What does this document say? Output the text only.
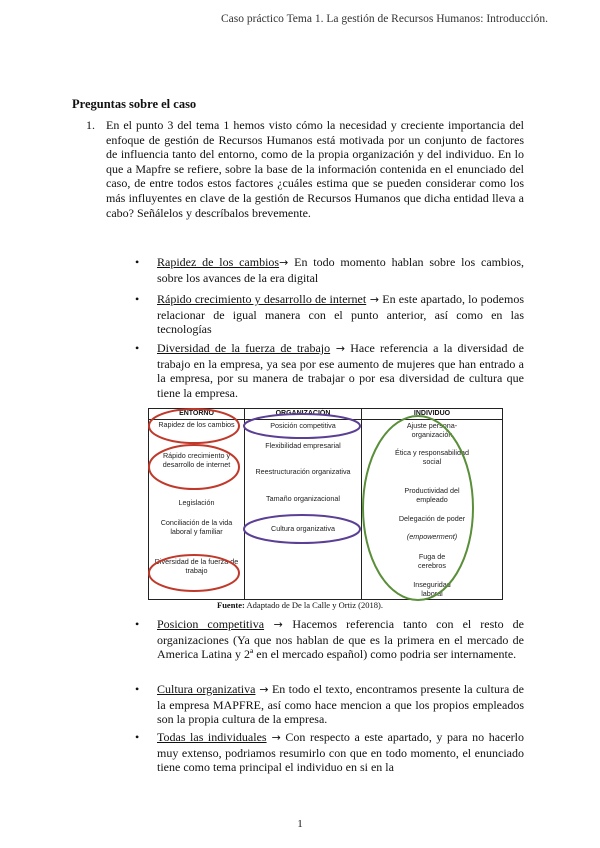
Caso práctico Tema 1. La gestión de Recursos Humanos: Introducción.
Preguntas sobre el caso
1. En el punto 3 del tema 1 hemos visto cómo la necesidad y creciente importancia del enfoque de gestión de Recursos Humanos está motivada por un conjunto de factores de influencia tanto del entorno, como de la propia organización y del individuo. En lo que a Mapfre se refiere, sobre la base de la información contenida en el enunciado del caso, de entre todos estos factores ¿cuáles estima que se pueden considerar como los más influyentes en clave de la gestión de Recursos Humanos que dicha entidad lleva a cabo? Señálelos y descríbalos brevemente.
• Rapidez de los cambios→ En todo momento hablan sobre los cambios, sobre los avances de la era digital
• Rápido crecimiento y desarrollo de internet → En este apartado, lo podemos relacionar de igual manera con el punto anterior, así como en las tecnologías
• Diversidad de la fuerza de trabajo → Hace referencia a la diversidad de trabajo en la empresa, ya sea por ese aumento de mujeres que han entrado a la empresa, por su manera de trabajar o por esa diversidad de cultura que tiene la empresa.
ENTORNO
Rapidez de los cambios
Rápido crecimiento y desarrollo de internet
Legislación
Conciliación de la vida laboral y familiar
Diversidad de la fuerza de trabajo
ORGANIZACIÓN
Posición competitiva
Flexibilidad empresarial
Reestructuración organizativa
Tamaño organizacional
Cultura organizativa
INDIVIDUO
Ajuste persona-organización
Ética y responsabilidad social
Productividad del empleado
Delegación de poder
(empowerment)
Fuga de cerebros
Inseguridad laboral
Fuente: Adaptado de De la Calle y Ortiz (2018).
• Posicion competitiva → Hacemos referencia tanto con el resto de organizaciones (Ya que nos hablan de que es la primera en el mercado de America Latina y 2ª en el mercado español) como podria ser internamente.
• Cultura organizativa → En todo el texto, encontramos presente la cultura de la empresa MAPFRE, así como hace mencion a que los propios empleados son la propia cultura de la empresa.
• Todas las individuales → Con respecto a este apartado, y para no hacerlo muy extenso, podriamos resumirlo con que en todo momento, el enunciado tiene como tema principal el individuo en si en la
1
